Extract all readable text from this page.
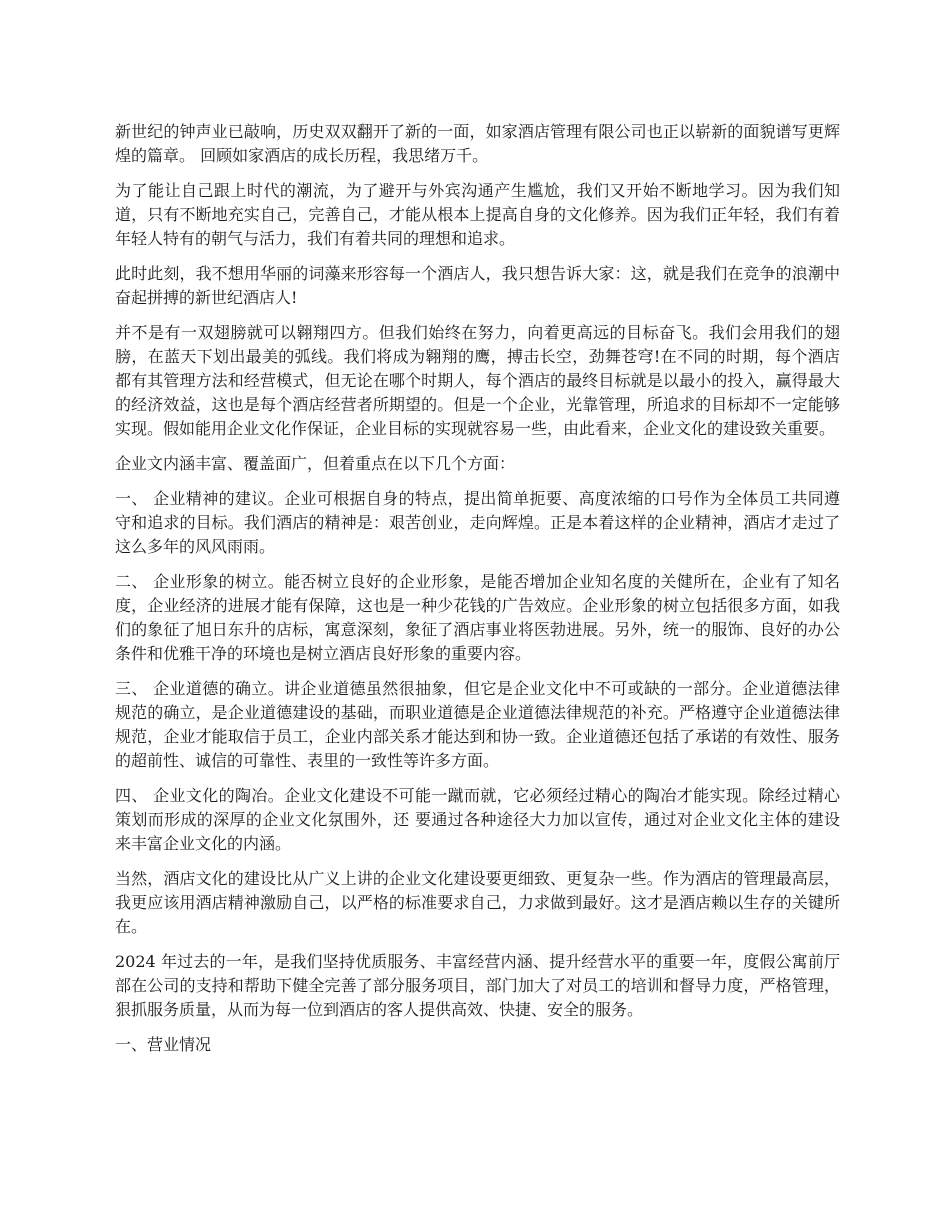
新世纪的钟声业已敲响，历史双双翻开了新的一面，如家酒店管理有限公司也正以崭新的面貌谱写更辉煌的篇章。 回顾如家酒店的成长历程，我思绪万千。

为了能让自己跟上时代的潮流，为了避开与外宾沟通产生尴尬，我们又开始不断地学习。因为我们知道，只有不断地充实自己，完善自己，才能从根本上提高自身的文化修养。因为我们正年轻，我们有着年轻人特有的朝气与活力，我们有着共同的理想和追求。

此时此刻，我不想用华丽的词藻来形容每一个酒店人，我只想告诉大家：这，就是我们在竞争的浪潮中奋起拼搏的新世纪酒店人!

并不是有一双翅膀就可以翱翔四方。但我们始终在努力，向着更高远的目标奋飞。我们会用我们的翅膀，在蓝天下划出最美的弧线。我们将成为翱翔的鹰，搏击长空，劲舞苍穹!在不同的时期，每个酒店都有其管理方法和经营模式，但无论在哪个时期人，每个酒店的最终目标就是以最小的投入，赢得最大的经济效益，这也是每个酒店经营者所期望的。但是一个企业，光靠管理，所追求的目标却不一定能够实现。假如能用企业文化作保证，企业目标的实现就容易一些，由此看来，企业文化的建设致关重要。

企业文内涵丰富、覆盖面广，但着重点在以下几个方面：

一、 企业精神的建议。企业可根据自身的特点，提出简单扼要、高度浓缩的口号作为全体员工共同遵守和追求的目标。我们酒店的精神是：艰苦创业，走向辉煌。正是本着这样的企业精神，酒店才走过了这么多年的风风雨雨。

二、 企业形象的树立。能否树立良好的企业形象，是能否增加企业知名度的关健所在，企业有了知名度，企业经济的进展才能有保障，这也是一种少花钱的广告效应。企业形象的树立包括很多方面，如我们的象征了旭日东升的店标，寓意深刻，象征了酒店事业将医勃进展。另外，统一的服饰、良好的办公条件和优雅干净的环境也是树立酒店良好形象的重要内容。

三、 企业道德的确立。讲企业道德虽然很抽象，但它是企业文化中不可或缺的一部分。企业道德法律规范的确立，是企业道德建设的基础，而职业道德是企业道德法律规范的补充。严格遵守企业道德法律规范，企业才能取信于员工，企业内部关系才能达到和协一致。企业道德还包括了承诺的有效性、服务的超前性、诚信的可靠性、表里的一致性等许多方面。

四、 企业文化的陶冶。企业文化建设不可能一蹴而就，它必须经过精心的陶冶才能实现。除经过精心策划而形成的深厚的企业文化氛围外，还 要通过各种途径大力加以宣传，通过对企业文化主体的建设来丰富企业文化的内涵。

当然，酒店文化的建设比从广义上讲的企业文化建设要更细致、更复杂一些。作为酒店的管理最高层，我更应该用酒店精神激励自己，以严格的标准要求自己，力求做到最好。这才是酒店赖以生存的关键所在。

2024 年过去的一年，是我们坚持优质服务、丰富经营内涵、提升经营水平的重要一年，度假公寓前厅部在公司的支持和帮助下健全完善了部分服务项目，部门加大了对员工的培训和督导力度，严格管理，狠抓服务质量，从而为每一位到酒店的客人提供高效、快捷、安全的服务。

一、营业情况
